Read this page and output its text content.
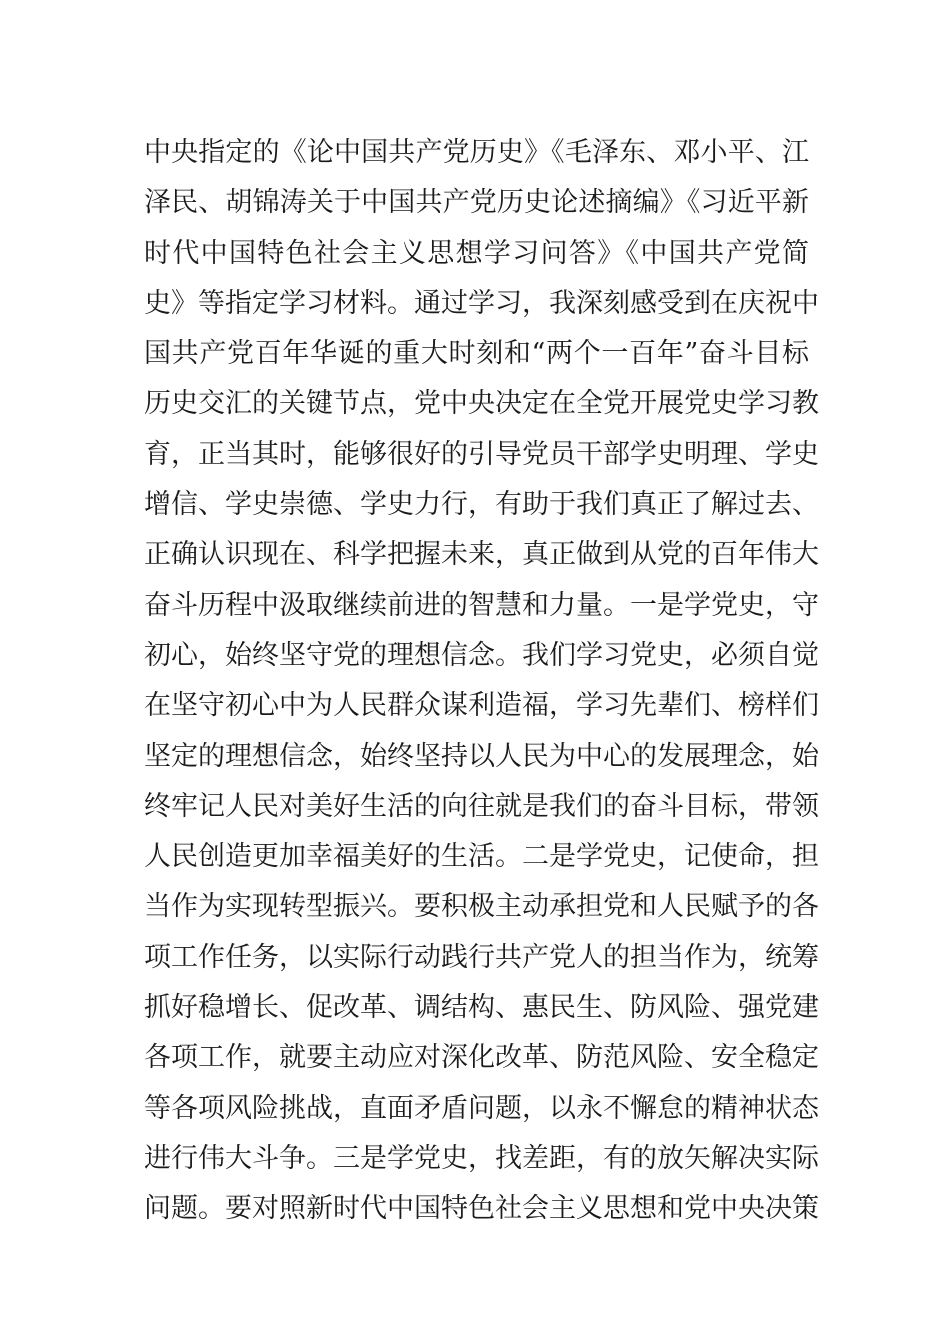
中央指定的《论中国共产党历史》《毛泽东、邓小平、江
泽民、胡锦涛关于中国共产党历史论述摘编》《习近平新
时代中国特色社会主义思想学习问答》《中国共产党简
史》等指定学习材料。通过学习，我深刻感受到在庆祝中
国共产党百年华诞的重大时刻和“两个一百年”奋斗目标
历史交汇的关键节点，党中央决定在全党开展党史学习教
育，正当其时，能够很好的引导党员干部学史明理、学史
增信、学史崇德、学史力行，有助于我们真正了解过去、
正确认识现在、科学把握未来，真正做到从党的百年伟大
奋斗历程中汲取继续前进的智慧和力量。一是学党史，守
初心，始终坚守党的理想信念。我们学习党史，必须自觉
在坚守初心中为人民群众谋利造福，学习先辈们、榜样们
坚定的理想信念，始终坚持以人民为中心的发展理念，始
终牢记人民对美好生活的向往就是我们的奋斗目标，带领
人民创造更加幸福美好的生活。二是学党史，记使命，担
当作为实现转型振兴。要积极主动承担党和人民赋予的各
项工作任务，以实际行动践行共产党人的担当作为，统筹
抓好稳增长、促改革、调结构、惠民生、防风险、强党建
各项工作，就要主动应对深化改革、防范风险、安全稳定
等各项风险挑战，直面矛盾问题，以永不懈怠的精神状态
进行伟大斗争。三是学党史，找差距，有的放矢解决实际
问题。要对照新时代中国特色社会主义思想和党中央决策
